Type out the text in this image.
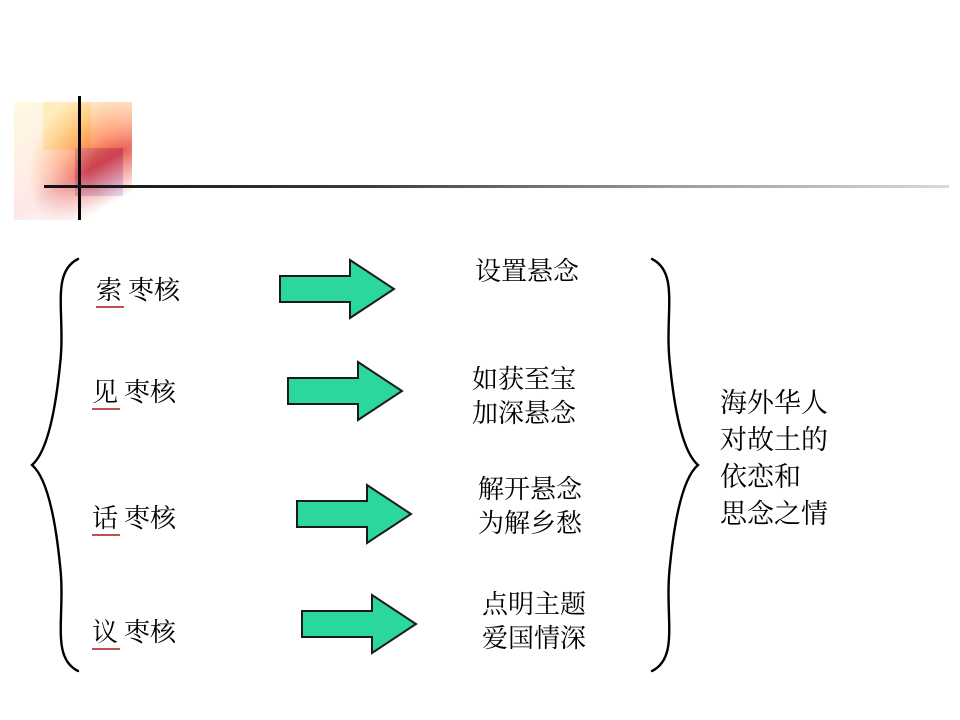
索 枣核
设置悬念
见 枣核	如获至宝
加深悬念
话 枣核
解开悬念
为解乡愁
议 枣核
点明主题
爱国情深
海外华人
对故土的
依恋和
思念之情
